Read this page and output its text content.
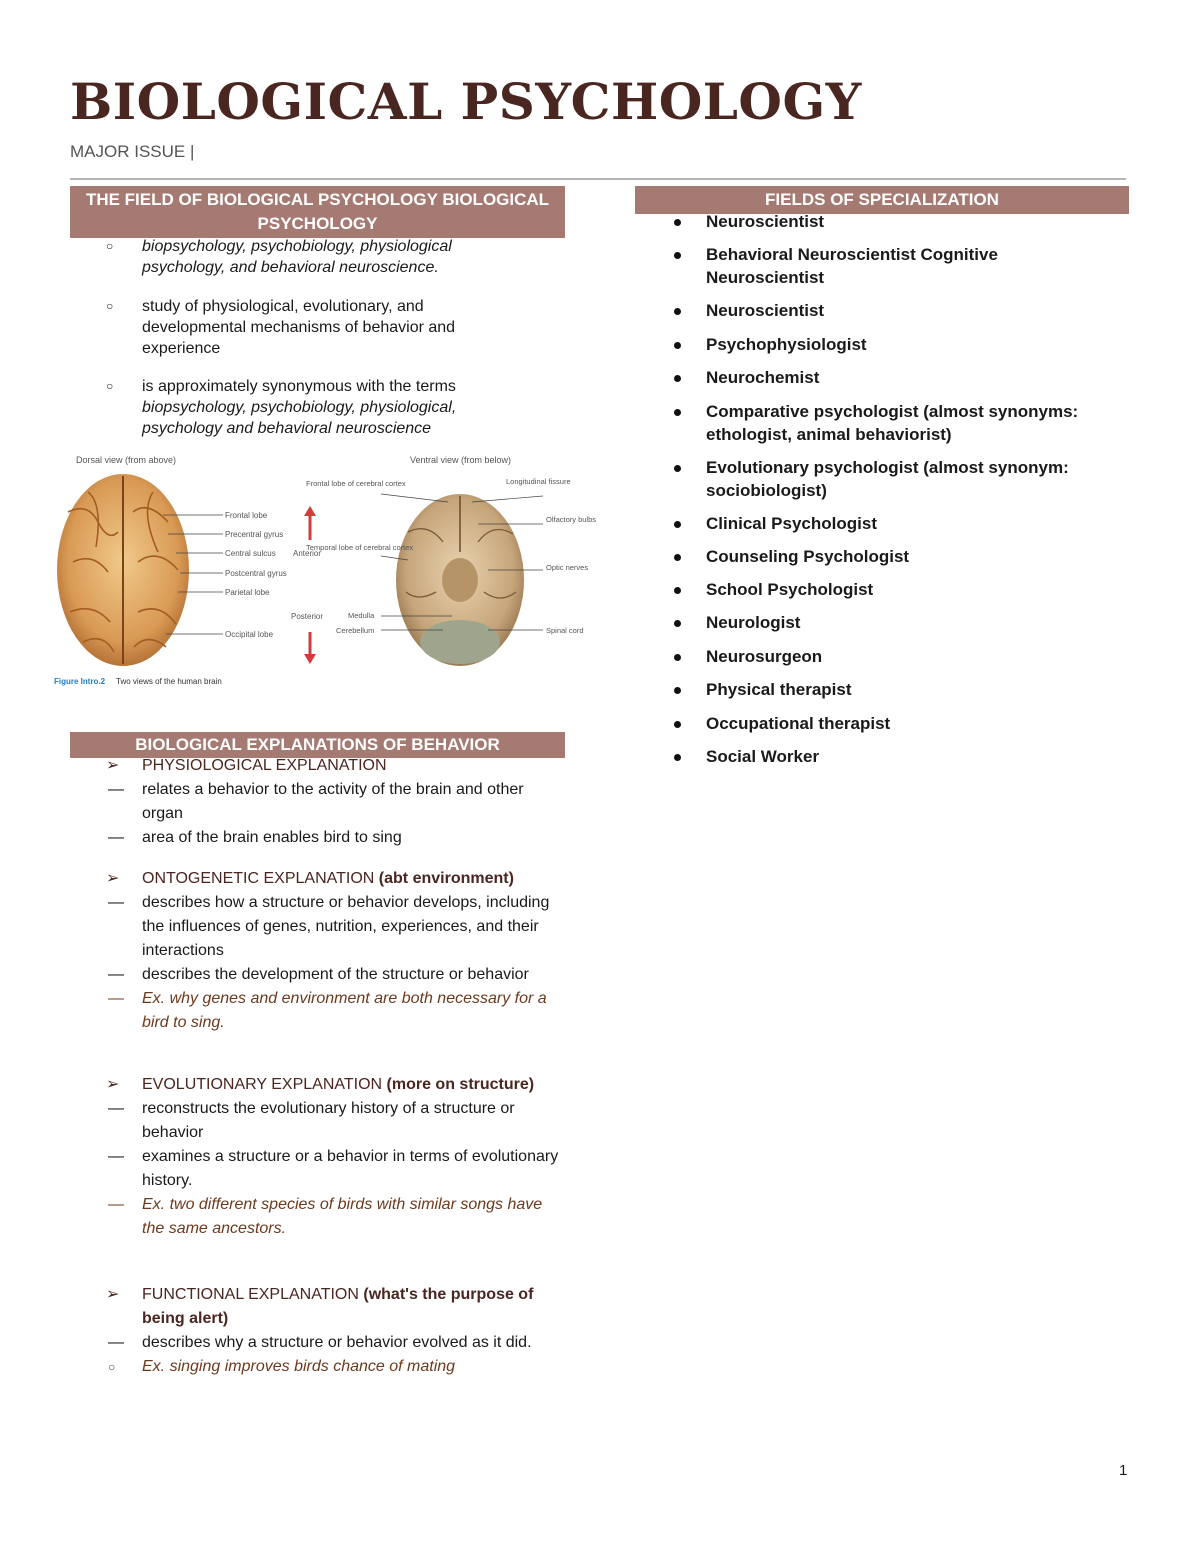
BIOLOGICAL PSYCHOLOGY
MAJOR ISSUE |
THE FIELD OF BIOLOGICAL PSYCHOLOGY BIOLOGICAL PSYCHOLOGY
○ biopsychology, psychobiology, physiological psychology, and behavioral neuroscience.
○ study of physiological, evolutionary, and developmental mechanisms of behavior and experience
○ is approximately synonymous with the terms
biopsychology, psychobiology, physiological, psychology and behavioral neuroscience
Dorsal view (from above)	Ventral view (from below)
Frontal lobe
Precentral gyrus
Central sulcus
Postcentral gyrus
Parietal lobe
Occipital lobe
Anterior
Posterior
Frontal lobe of cerebral cortex
Temporal lobe of cerebral cortex
Medulla
Cerebellum
Longitudinal fissure
Olfactory bulbs
Optic nerves
Spinal cord
Figure Intro.2 Two views of the human brain
BIOLOGICAL EXPLANATIONS OF BEHAVIOR
➢ PHYSIOLOGICAL EXPLANATION
— relates a behavior to the activity of the brain and other organ
— area of the brain enables bird to sing
➢ ONTOGENETIC EXPLANATION (abt environment)
— describes how a structure or behavior develops, including the influences of genes, nutrition, experiences, and their interactions
— describes the development of the structure or behavior
— Ex. why genes and environment are both necessary for a bird to sing.
➢ EVOLUTIONARY EXPLANATION (more on structure)
— reconstructs the evolutionary history of a structure or behavior
— examines a structure or a behavior in terms of evolutionary history.
— Ex. two different species of birds with similar songs have the same ancestors.
➢ FUNCTIONAL EXPLANATION (what's the purpose of being alert)
— describes why a structure or behavior evolved as it did.
○ Ex. singing improves birds chance of mating
FIELDS OF SPECIALIZATION
Neuroscientist
Behavioral Neuroscientist Cognitive Neuroscientist
Neuroscientist
Psychophysiologist
Neurochemist
Comparative psychologist (almost synonyms: ethologist, animal behaviorist)
Evolutionary psychologist (almost synonym: sociobiologist)
Clinical Psychologist
Counseling Psychologist
School Psychologist
Neurologist
Neurosurgeon
Physical therapist
Occupational therapist
Social Worker
1
